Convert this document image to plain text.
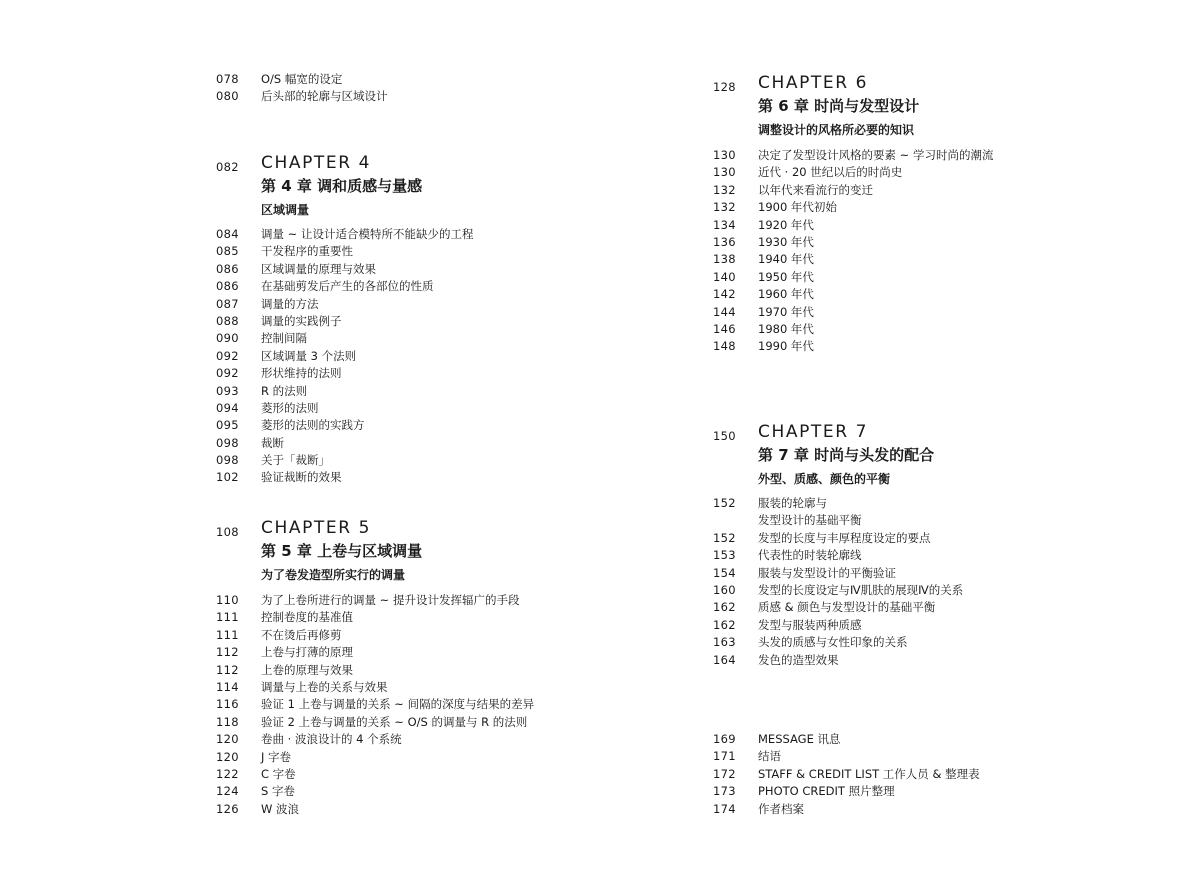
078	O/S 幅宽的设定
080	后头部的轮廓与区域设计
082 CHAPTER 4
第 4 章 调和质感与量感
区域调量
084	调量 ~ 让设计适合模特所不能缺少的工程
085	干发程序的重要性
086	区域调量的原理与效果
086	在基础剪发后产生的各部位的性质
087	调量的方法
088	调量的实践例子
090	控制间隔
092	区域调量 3 个法则
092	形状维持的法则
093	R 的法则
094	菱形的法则
095	菱形的法则的实践方
098	裁断
098	关于「裁断」
102	验证裁断的效果
108 CHAPTER 5
第 5 章 上卷与区域调量
为了卷发造型所实行的调量
110	为了上卷所进行的调量 ~ 提升设计发挥辐广的手段
111	控制卷度的基准值
111	不在烫后再修剪
112	上卷与打薄的原理
112	上卷的原理与效果
114	调量与上卷的关系与效果
116	验证 1 上卷与调量的关系 ~ 间隔的深度与结果的差异
118	验证 2 上卷与调量的关系 ~ O/S 的调量与 R 的法则
120	卷曲 · 波浪设计的 4 个系统
120	J 字卷
122	C 字卷
124	S 字卷
126	W 波浪
128 CHAPTER 6
第 6 章 时尚与发型设计
调整设计的风格所必要的知识
130	决定了发型设计风格的要素 ~ 学习时尚的潮流
130	近代 · 20 世纪以后的时尚史
132	以年代来看流行的变迁
132	1900 年代初始
134	1920 年代
136	1930 年代
138	1940 年代
140	1950 年代
142	1960 年代
144	1970 年代
146	1980 年代
148	1990 年代
150 CHAPTER 7
第 7 章 时尚与头发的配合
外型、质感、颜色的平衡
152	服装的轮廓与
发型设计的基础平衡
152	发型的长度与丰厚程度设定的要点
153	代表性的时装轮廓线
154	服装与发型设计的平衡验证
160	发型的长度设定与Ⅳ肌肤的展现Ⅳ的关系
162	质感 & 颜色与发型设计的基础平衡
162	发型与服装两种质感
163	头发的质感与女性印象的关系
164	发色的造型效果
169	MESSAGE 讯息
171	结语
172	STAFF & CREDIT LIST 工作人员 & 整理表
173	PHOTO CREDIT 照片整理
174	作者档案
